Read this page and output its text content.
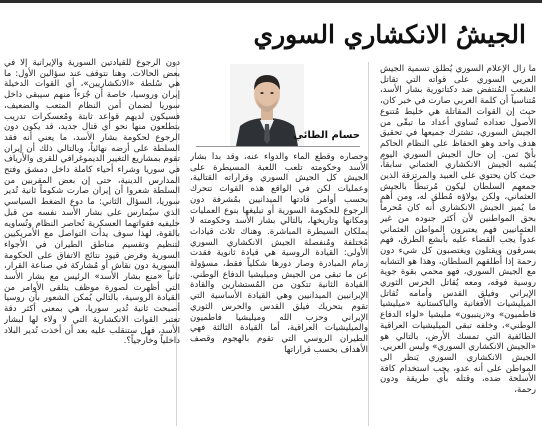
الجيشُ الانكشاري السوري

ما زال الإعلام السوري يُطلق تسمية الجيش العربي السوري على قواته التي تقاتل الشعب المُنتفض ضد دكتاتورية بشار الأسد، مُتناسياً أن كلمة العربي صارت في خبر كان، حيث إن القوات المقاتلة هي خليط مُتنوع الأصول تعداده تُساوي أعداد ما تبقّى من الجيش السوري، تشترك جميعها في تحقيق هدف واحد وهو الحفاظ على النظام الحاكم بأيّ ثمن. إن حال الجيش السوري اليوم يُشبه الجيش الانكشاري العثماني سابقاً، حيث كان يحتوي على العبيد والمرتزقة الذين جمعهم السلطان ليكون مُرتبطاً بالجيش العثماني، ولكن يولاؤه مُطلق له، ومن أهم ما يُميز الجيش الانكشاري أنه كان مُحرماً بحق المواطنين لأن أكثر جنوده من غير العثمانيين فهم يعتبرون المواطن العثماني عدواً يجب القضاء عليه بأبشع الطرق، فهم يسرقون ويقتلون ويغتصبون كل شيء دون رحمة إذا أطلقهم السلطان، وهذا هو التشابه مع الجيش السوري، فهو محمي بقوة جوية روسية فوقه، ومعه يُقاتل الحرس الثوري الإيراني وفيلق القدس وأمامه تُقاتل الميليشيات الأفغانية والباكستانية «ميليشيا فاطميون» و«زينبيون» مليشيا «لواء الدفاع الوطني»، وخلفه تبقى الميليشيات العراقية الطائفية التي تمسك الأرض، بالتالي هو «الجيش الانكشاري السوري» وليس العربي. الجيش الانكشاري السوري يَنظر الى المواطن على أنه عدو، يجب استخدام كافة الأسلحة ضده، وقتله بأي طريقة ودون رحمة،

حسام الطائي

وحصاره وقطع الماء والدواء عنه، وقد بدأ بشار الأسد وحكومته تلعب اللعبة المسيطرة على الجيش كل الجيش السوري وقراراته القتالية، وعمليات لكن في الواقع هذه القوات تتحرك بحسب أوامر قادتها الميدانيين بمُشرفة دون الرجوع للحكومة السورية أو تبليغها بنوع العمليات ومكانها وتاريخها، بالتالي بشار الأسد وحكومته لا يملكان السيطرة المباشرة. وهناك ثلاث قيادات مُختلفة ومُنفصلة الجيش الانكشاري السوري الأولى: القيادة الروسية هي قيادة ثانوية فقدت زمام المبادرة وصار دورها شكلياً فقط، مسؤولة عن ما تبقى من الجيش وميليشيا الدفاع الوطني. القيادة الثانية تتكون من المُستشارين والقادة الإيرانيين الميدانيين وهي القيادة الأساسية التي تقوم بتحريك فيلق القدس والحرس الثوري الإيراني وحزب الله وميليشيا فاطميون والميليشيات العراقية، أما القيادة الثالثة فهي الطيران الروسي التي تقوم بالهجوم وقصف الأهداف بحسب قراراتها

دون الرجوع للقيادتين السورية والإيرانية إلا في بعض الحالات. وهنا نتوقف عند سؤالين الأول: ما هي سُلطة «الانكشاريين»، أي القوات الدخيلة إيران وروسيا، خاصة أن جُزءاً منهم سيبقى داخل سوريا لضمان أمن النظام المتعب والضعيف، فسيكون لديهم قواعد ثابتة ومُعسكرات تدريب بتطلعون منها نحو أي قتال جديد، قد يكون دون الرجوع لحكومة بشار الأسد، ما يعني أنه فقد السلطة على أرضه نهائياً، وبالتالي ذلك أن إيران تقوم بمشاريع التغيير الديموغرافي للقرى والأرياف في سوريا وشراء أحياء كاملة داخل دمشق وفتح المدارس الدينية، حتى إن بعض المقربين من السلطة شعروا أن إيران صارت شكوماً ثانية تُدير سوريا، السؤال الثاني: ما دوع الضغط السياسي الذي سيُمارس على بشار الأسد نفسه من قبل حليفيه فقواتهما العسكرية تُحاصر النظام وتُساويه بالقوة، لهذا سوف يدأت التواصل مع الأمريكيين لتنظيم وتقسيم مناطق الطيران في الأجواء السورية وفرض قيود نتائج الاتفاق على الحكومة السورية دون نقاش أو مُشاركة في صناعة القرار، ثانياً «منع بشار الأسد» الرئيس مع بشار الأسد التي أظهرت لصورة موظف يتلقى الأوامر من القيادة الروسية، بالتالي يُمكن الشعور بأن روسيا أصبحت ثانية تُدير سوريا، هي بمعنى أكثر دقة تعتبر القوات الانكشارية التي لا ولاء لها لبشار الأسد، فهل ستنقلب عليه بعد أن أخذت تُدير البلاد داخلياً وخارجياً؟.
